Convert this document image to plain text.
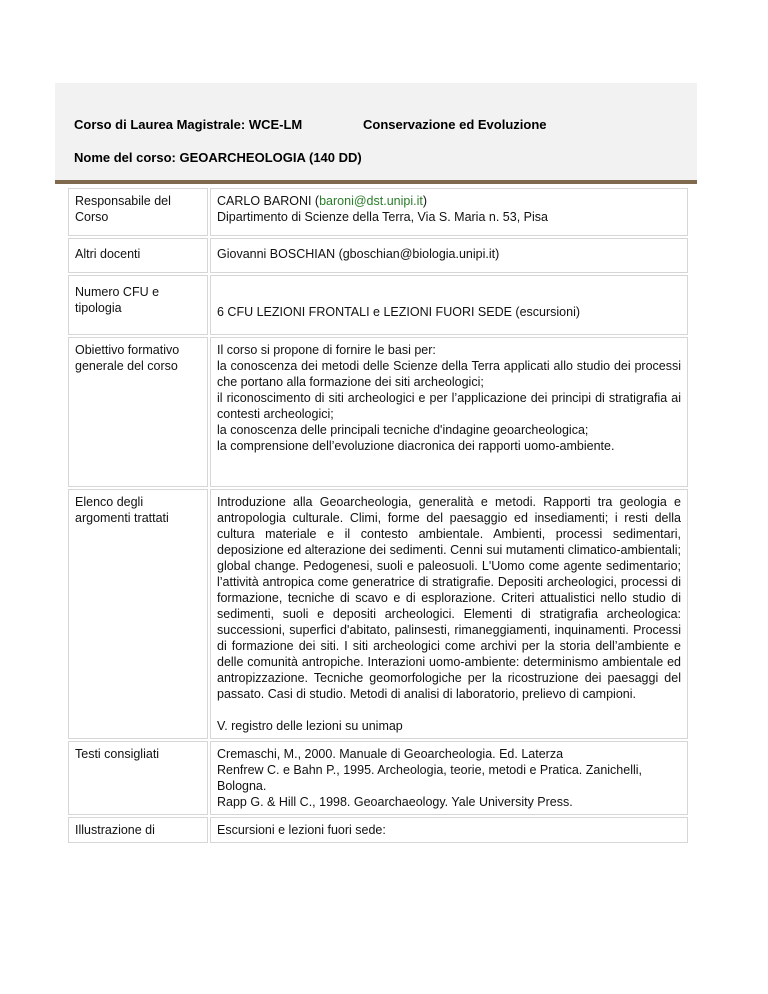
Corso di Laurea Magistrale: WCE-LM	Conservazione ed Evoluzione
Nome del corso: GEOARCHEOLOGIA (140 DD)
Responsabile del Corso	CARLO BARONI (baroni@dst.unipi.it)
Dipartimento di Scienze della Terra, Via S. Maria n. 53, Pisa
Altri docenti	Giovanni BOSCHIAN (gboschian@biologia.unipi.it)
Numero CFU e tipologia	6 CFU LEZIONI FRONTALI e LEZIONI FUORI SEDE (escursioni)
Obiettivo formativo generale del corso	Il corso si propone di fornire le basi per:
la conoscenza dei metodi delle Scienze della Terra applicati allo studio dei processi che portano alla formazione dei siti archeologici;
il riconoscimento di siti archeologici e per l’applicazione dei principi di stratigrafia ai contesti archeologici;
la conoscenza delle principali tecniche d'indagine geoarcheologica;
la comprensione dell’evoluzione diacronica dei rapporti uomo-ambiente.
Elenco degli argomenti trattati	Introduzione alla Geoarcheologia, generalità e metodi. Rapporti tra geologia e antropologia culturale. Climi, forme del paesaggio ed insediamenti; i resti della cultura materiale e il contesto ambientale. Ambienti, processi sedimentari, deposizione ed alterazione dei sedimenti. Cenni sui mutamenti climatico-ambientali; global change. Pedogenesi, suoli e paleosuoli. L'Uomo come agente sedimentario; l’attività antropica come generatrice di stratigrafie. Depositi archeologici, processi di formazione, tecniche di scavo e di esplorazione. Criteri attualistici nello studio di sedimenti, suoli e depositi archeologici. Elementi di stratigrafia archeologica: successioni, superfici d'abitato, palinsesti, rimaneggiamenti, inquinamenti. Processi di formazione dei siti. I siti archeologici come archivi per la storia dell’ambiente e delle comunità antropiche. Interazioni uomo-ambiente: determinismo ambientale ed antropizzazione. Tecniche geomorfologiche per la ricostruzione dei paesaggi del passato. Casi di studio. Metodi di analisi di laboratorio, prelievo di campioni.
V. registro delle lezioni su unimap

Testi consigliati	Cremaschi, M., 2000. Manuale di Geoarcheologia. Ed. Laterza
Renfrew C. e Bahn P., 1995. Archeologia, teorie, metodi e Pratica. Zanichelli, Bologna.
Rapp G. & Hill C., 1998. Geoarchaeology. Yale University Press.

Illustrazione di	Escursioni e lezioni fuori sede:
